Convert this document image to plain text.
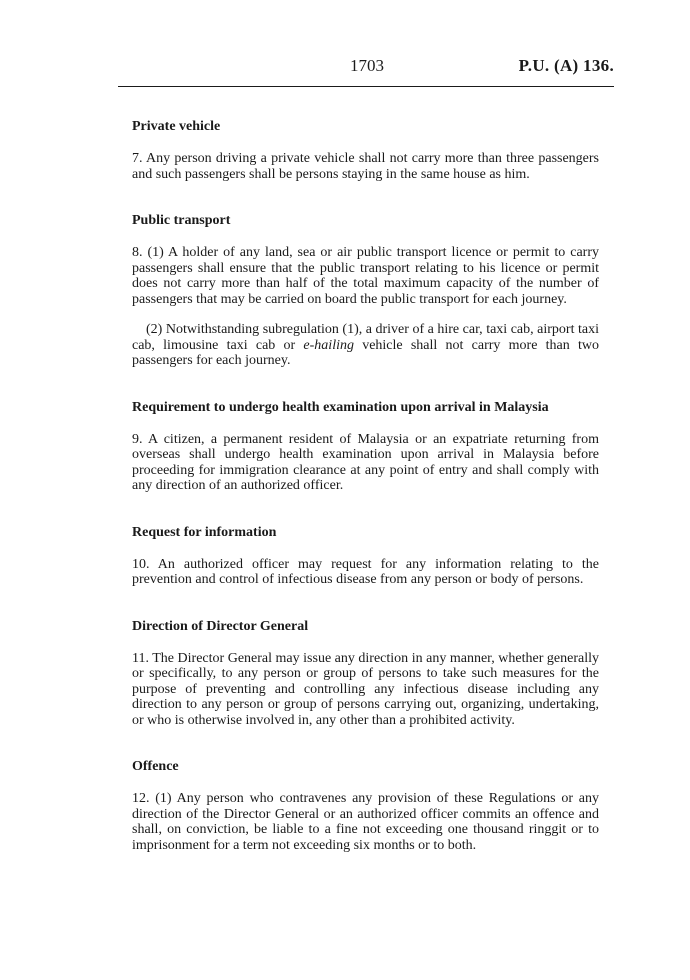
1703	P.U. (A) 136.

Private vehicle

7. Any person driving a private vehicle shall not carry more than three passengers and such passengers shall be persons staying in the same house as him.

Public transport

8. (1) A holder of any land, sea or air public transport licence or permit to carry passengers shall ensure that the public transport relating to his licence or permit does not carry more than half of the total maximum capacity of the number of passengers that may be carried on board the public transport for each journey.

(2) Notwithstanding subregulation (1), a driver of a hire car, taxi cab, airport taxi cab, limousine taxi cab or e-hailing vehicle shall not carry more than two passengers for each journey.

Requirement to undergo health examination upon arrival in Malaysia

9. A citizen, a permanent resident of Malaysia or an expatriate returning from overseas shall undergo health examination upon arrival in Malaysia before proceeding for immigration clearance at any point of entry and shall comply with any direction of an authorized officer.

Request for information

10. An authorized officer may request for any information relating to the prevention and control of infectious disease from any person or body of persons.

Direction of Director General

11. The Director General may issue any direction in any manner, whether generally or specifically, to any person or group of persons to take such measures for the purpose of preventing and controlling any infectious disease including any direction to any person or group of persons carrying out, organizing, undertaking, or who is otherwise involved in, any other than a prohibited activity.

Offence

12. (1) Any person who contravenes any provision of these Regulations or any direction of the Director General or an authorized officer commits an offence and shall, on conviction, be liable to a fine not exceeding one thousand ringgit or to imprisonment for a term not exceeding six months or to both.
